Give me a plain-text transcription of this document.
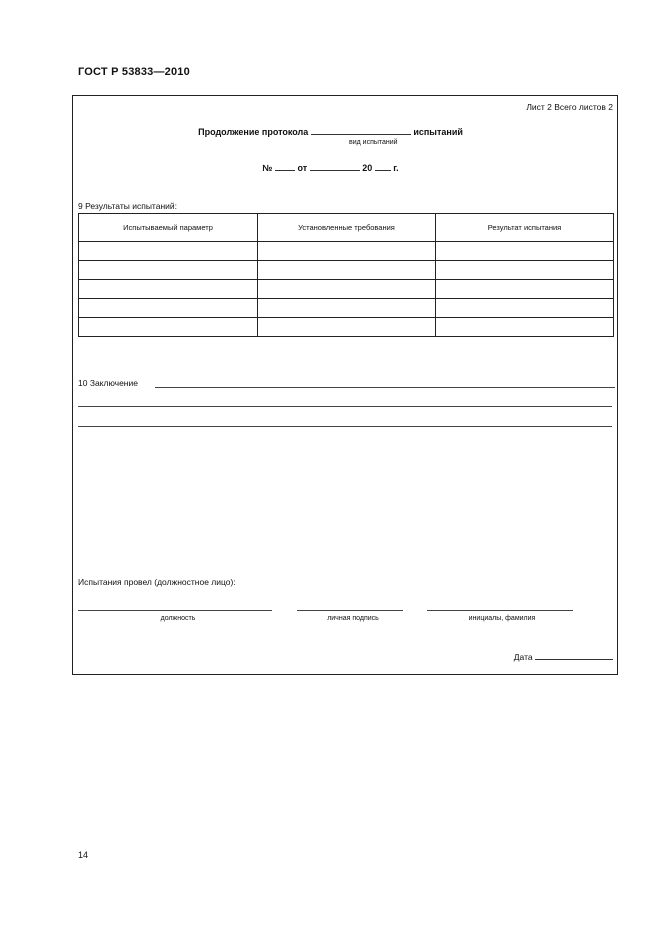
ГОСТ Р 53833—2010
Лист 2 Всего листов 2
Продолжение протокола	испытаний
вид испытаний
№	от	20 г.
9 Результаты испытаний:
Испытываемый параметр	Установленные требования	Результат испытания

10 Заключение
Испытания провел (должностное лицо):
должность	личная подпись	инициалы, фамилия
Дата
14
